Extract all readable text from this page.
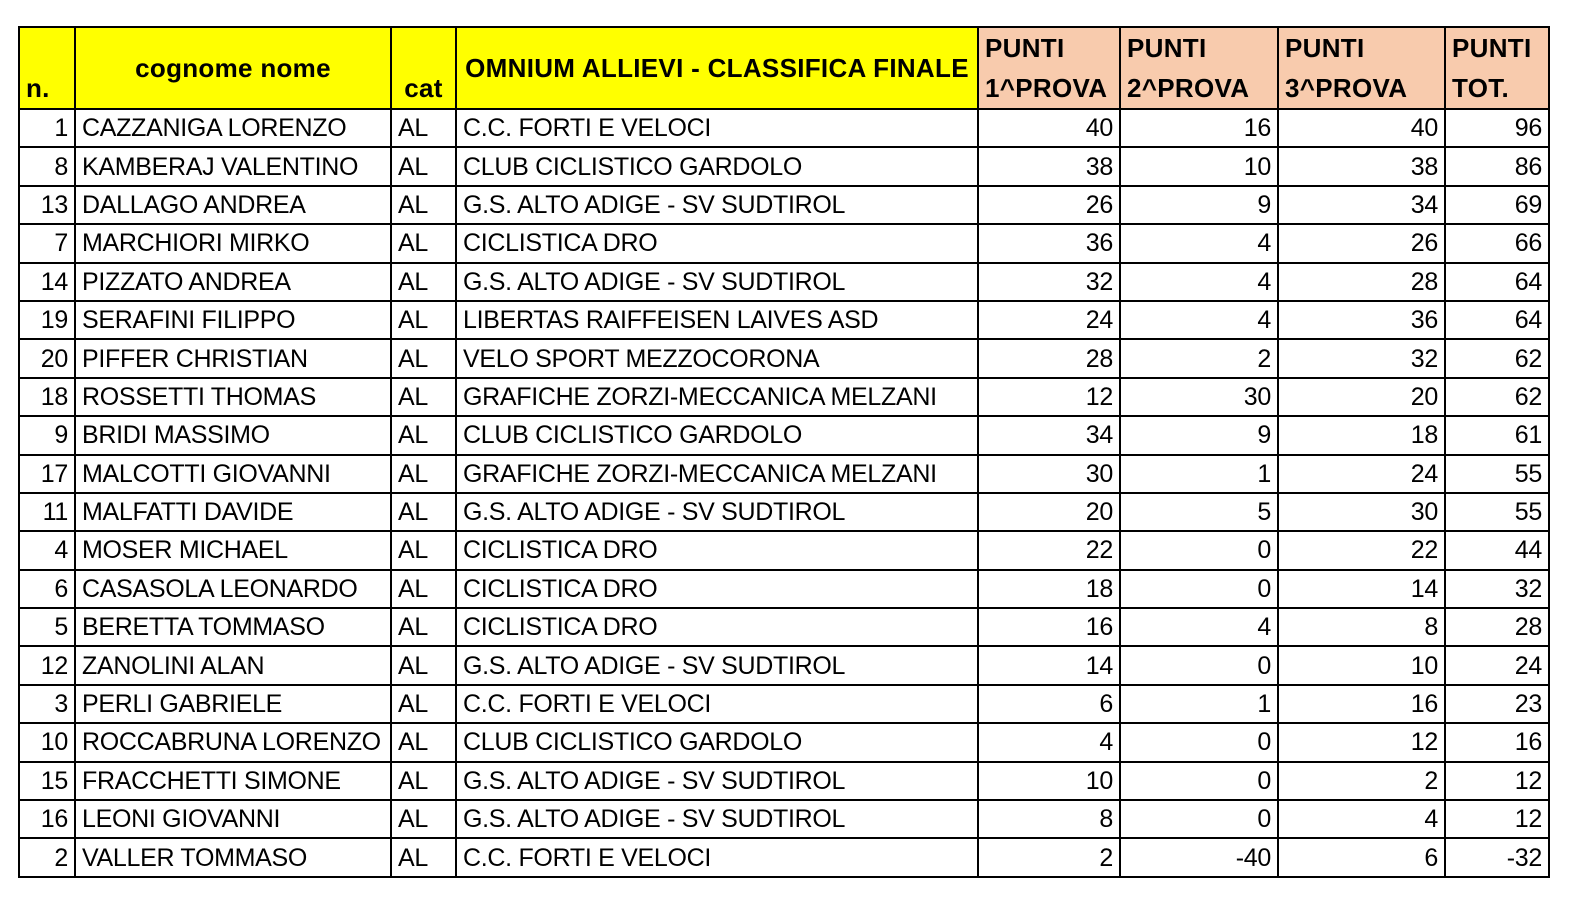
n.	cognome nome	cat	OMNIUM ALLIEVI - CLASSIFICA FINALE	PUNTI 1^PROVA	PUNTI 2^PROVA	PUNTI 3^PROVA	PUNTI TOT.
1	CAZZANIGA LORENZO	AL	C.C. FORTI E VELOCI	40	16	40	96
8	KAMBERAJ VALENTINO	AL	CLUB CICLISTICO GARDOLO	38	10	38	86
13	DALLAGO ANDREA	AL	G.S. ALTO ADIGE - SV SUDTIROL	26	9	34	69
7	MARCHIORI MIRKO	AL	CICLISTICA DRO	36	4	26	66
14	PIZZATO ANDREA	AL	G.S. ALTO ADIGE - SV SUDTIROL	32	4	28	64
19	SERAFINI FILIPPO	AL	LIBERTAS RAIFFEISEN LAIVES ASD	24	4	36	64
20	PIFFER CHRISTIAN	AL	VELO SPORT MEZZOCORONA	28	2	32	62
18	ROSSETTI THOMAS	AL	GRAFICHE ZORZI-MECCANICA MELZANI	12	30	20	62
9	BRIDI MASSIMO	AL	CLUB CICLISTICO GARDOLO	34	9	18	61
17	MALCOTTI GIOVANNI	AL	GRAFICHE ZORZI-MECCANICA MELZANI	30	1	24	55
11	MALFATTI DAVIDE	AL	G.S. ALTO ADIGE - SV SUDTIROL	20	5	30	55
4	MOSER MICHAEL	AL	CICLISTICA DRO	22	0	22	44
6	CASASOLA LEONARDO	AL	CICLISTICA DRO	18	0	14	32
5	BERETTA TOMMASO	AL	CICLISTICA DRO	16	4	8	28
12	ZANOLINI ALAN	AL	G.S. ALTO ADIGE - SV SUDTIROL	14	0	10	24
3	PERLI GABRIELE	AL	C.C. FORTI E VELOCI	6	1	16	23
10	ROCCABRUNA LORENZO	AL	CLUB CICLISTICO GARDOLO	4	0	12	16
15	FRACCHETTI SIMONE	AL	G.S. ALTO ADIGE - SV SUDTIROL	10	0	2	12
16	LEONI GIOVANNI	AL	G.S. ALTO ADIGE - SV SUDTIROL	8	0	4	12
2	VALLER TOMMASO	AL	C.C. FORTI E VELOCI	2	-40	6	-32
